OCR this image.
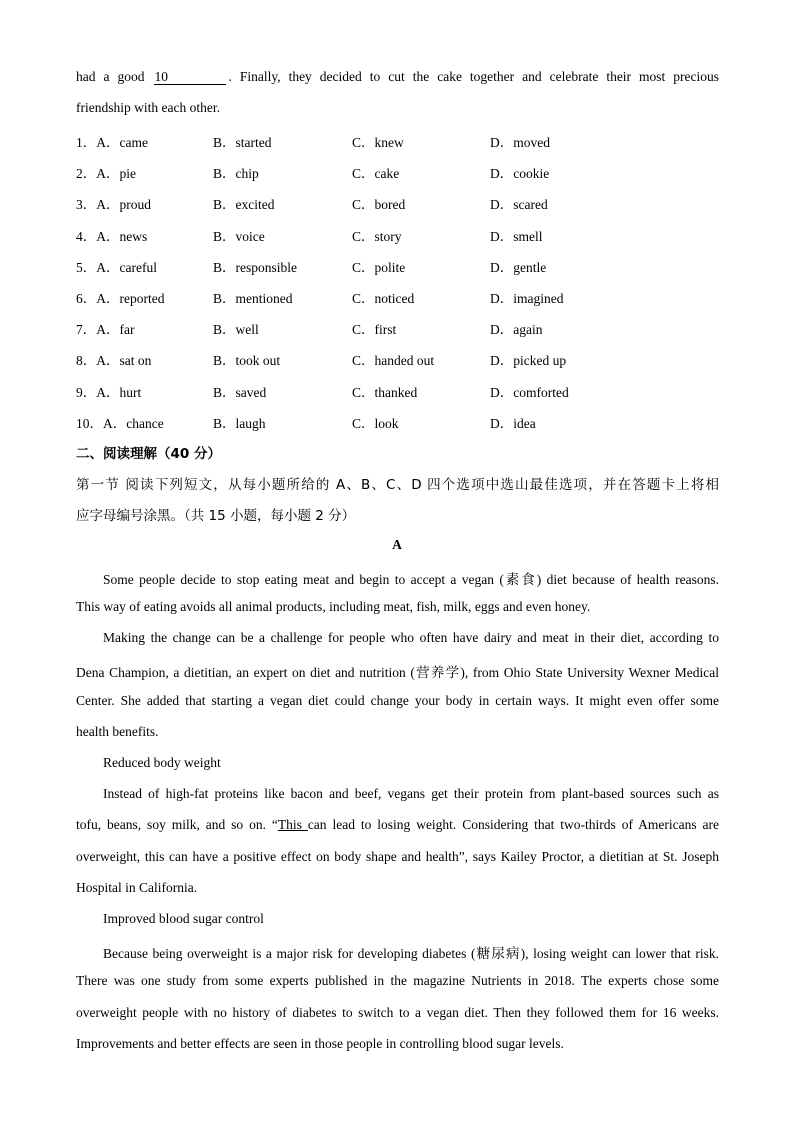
had a good 10	. Finally, they decided to cut the cake together and celebrate their most precious
friendship with each other.
1．A．came	B．started	C．knew	D．moved
2．A．pie	B．chip	C．cake	D．cookie
3．A．proud	B．excited	C．bored	D．scared
4．A．news	B．voice	C．story	D．smell
5．A．careful	B．responsible	C．polite	D．gentle
6．A．reported	B．mentioned	C．noticed	D．imagined
7．A．far	B．well	C．first	D．again
8．A．sat on	B．took out	C．handed out	D．picked up
9．A．hurt	B．saved	C．thanked	D．comforted
10．A．chance	B．laugh	C．look	D．idea
二、阅读理解（40 分）
第一节 阅读下列短文，从每小题所给的 A、B、C、D 四个选项中选山最佳选项，并在答题卡上将相
应字母编号涂黑。（共 15 小题，每小题 2 分）
A
Some people decide to stop eating meat and begin to accept a vegan (素食) diet because of health reasons.
This way of eating avoids all animal products, including meat, fish, milk, eggs and even honey.
Making the change can be a challenge for people who often have dairy and meat in their diet, according to
Dena Champion, a dietitian, an expert on diet and nutrition (营养学), from Ohio State University Wexner Medical
Center. She added that starting a vegan diet could change your body in certain ways. It might even offer some
health benefits.
Reduced body weight
Instead of high-fat proteins like bacon and beef, vegans get their protein from plant-based sources such as
tofu, beans, soy milk, and so on. “This can lead to losing weight. Considering that two-thirds of Americans are
overweight, this can have a positive effect on body shape and health”, says Kailey Proctor, a dietitian at St. Joseph
Hospital in California.
Improved blood sugar control
Because being overweight is a major risk for developing diabetes (糖尿病), losing weight can lower that risk.
There was one study from some experts published in the magazine Nutrients in 2018. The experts chose some
overweight people with no history of diabetes to switch to a vegan diet. Then they followed them for 16 weeks.
Improvements and better effects are seen in those people in controlling blood sugar levels.
